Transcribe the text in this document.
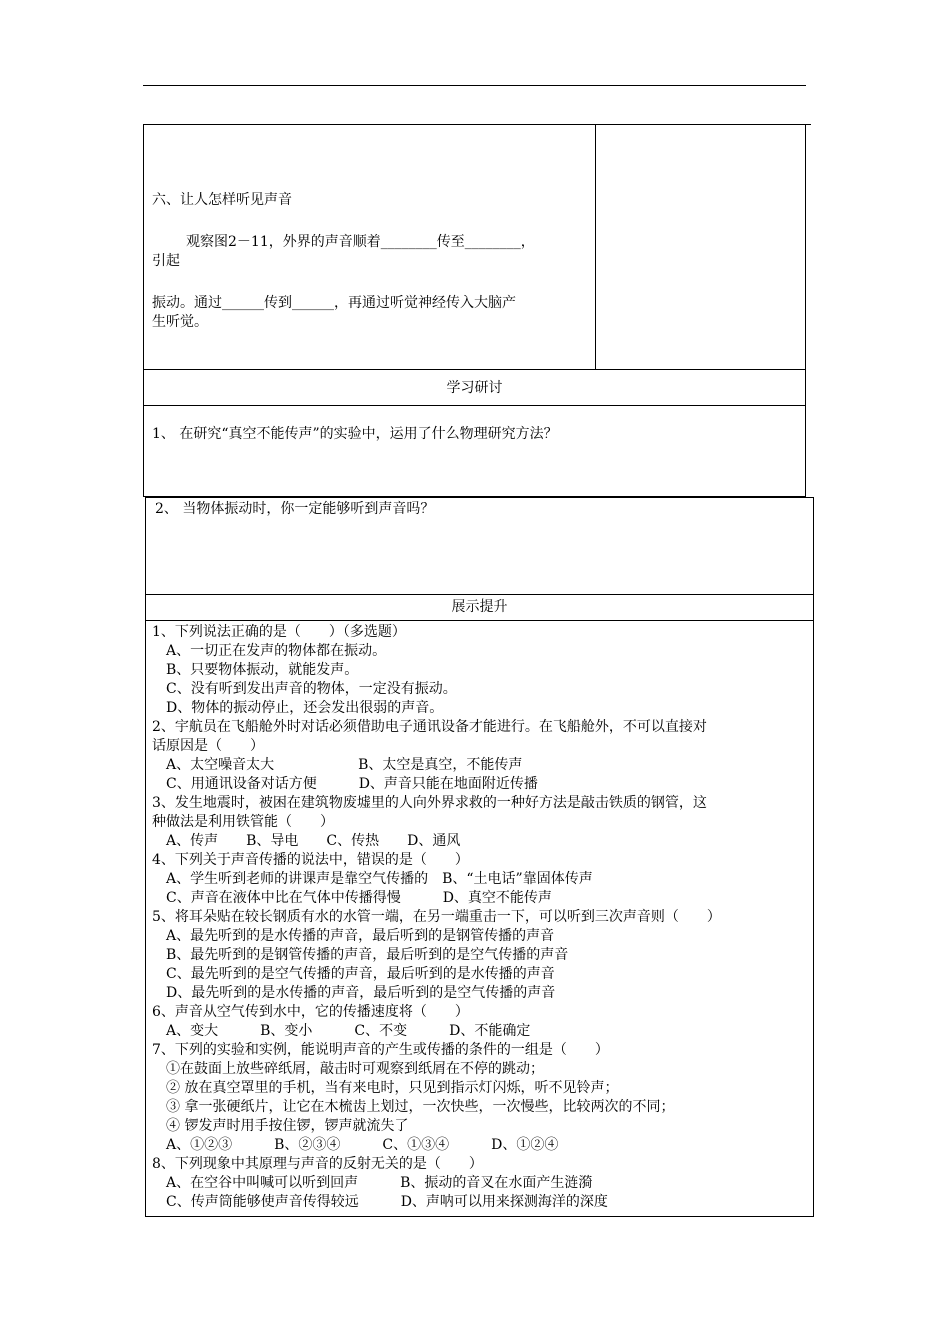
六、让人怎样听见声音
观察图2－11，外界的声音顺着________传至________，
引起
振动。通过______传到______，再通过听觉神经传入大脑产
生听觉。
学习研讨
1、 在研究“真空不能传声”的实验中，运用了什么物理研究方法？
2、 当物体振动时，你一定能够听到声音吗？
展示提升
1、下列说法正确的是（　　）（多选题）
　A、一切正在发声的物体都在振动。
　B、只要物体振动，就能发声。
　C、没有听到发出声音的物体，一定没有振动。
　D、物体的振动停止，还会发出很弱的声音。
2、宇航员在飞船舱外时对话必须借助电子通讯设备才能进行。在飞船舱外，不可以直接对
话原因是（　　）
　A、太空噪音太大　　　　　　B、太空是真空，不能传声
　C、用通讯设备对话方便　　　D、声音只能在地面附近传播
3、发生地震时，被困在建筑物废墟里的人向外界求救的一种好方法是敲击铁质的钢管，这
种做法是利用铁管能（　　）
　A、传声　　B、导电　　C、传热　　D、通风
4、下列关于声音传播的说法中，错误的是（　　）
　A、学生听到老师的讲课声是靠空气传播的　B、“土电话”靠固体传声
　C、声音在液体中比在气体中传播得慢　　　D、真空不能传声
5、将耳朵贴在较长钢质有水的水管一端，在另一端重击一下，可以听到三次声音则（　　）
　A、最先听到的是水传播的声音，最后听到的是钢管传播的声音
　B、最先听到的是钢管传播的声音，最后听到的是空气传播的声音
　C、最先听到的是空气传播的声音，最后听到的是水传播的声音
　D、最先听到的是水传播的声音，最后听到的是空气传播的声音
6、声音从空气传到水中，它的传播速度将（　　）
　A、变大　　　B、变小　　　C、不变　　　D、不能确定
7、下列的实验和实例，能说明声音的产生或传播的条件的一组是（　　）
　①在鼓面上放些碎纸屑，敲击时可观察到纸屑在不停的跳动；
　② 放在真空罩里的手机，当有来电时，只见到指示灯闪烁，听不见铃声；
　③ 拿一张硬纸片，让它在木梳齿上划过，一次快些，一次慢些，比较两次的不同；
　④ 锣发声时用手按住锣，锣声就流失了
　A、①②③　　　B、②③④　　　C、①③④　　　D、①②④
8、下列现象中其原理与声音的反射无关的是（　　）
　A、在空谷中叫喊可以听到回声　　　B、振动的音叉在水面产生涟漪
　C、传声筒能够使声音传得较远　　　D、声呐可以用来探测海洋的深度
